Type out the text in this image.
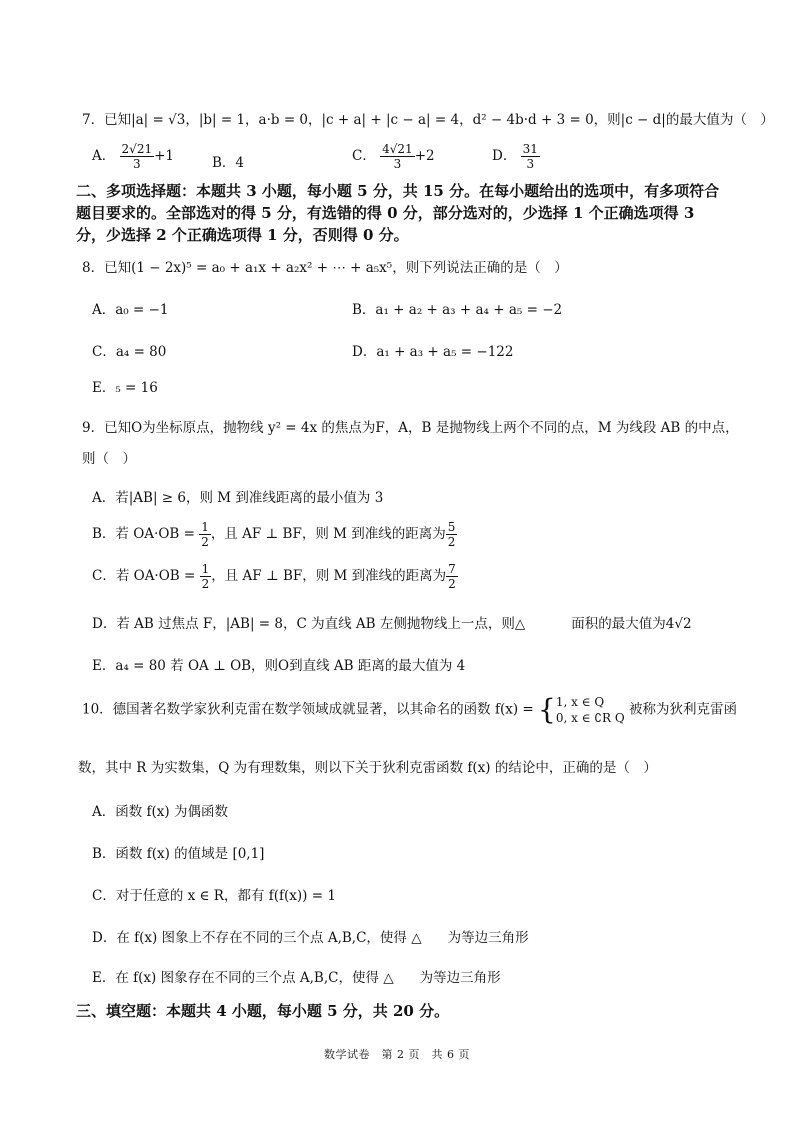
7．已知|a| = √3，|b| = 1，a·b = 0，|c + a| + |c − a| = 4，d² − 4b·d + 3 = 0，则|c − d|的最大值为（　）
A． $\frac{2√21}{3} +1$	B．4	C． $\frac{4√21}{3} +2$	D． $\frac{31}{3}$
二、多项选择题：本题共 3 小题，每小题 5 分，共 15 分。在每小题给出的选项中，有多项符合题目要求的。全部选对的得 5 分，有选错的得 0 分，部分选对的，少选择 1 个正确选项得 3 分，少选择 2 个正确选项得 1 分，否则得 0 分。
8．已知(1 − 2x)⁵ = a₀ + a₁x + a₂x² + ⋯ + a₅x⁵，则下列说法正确的是（　）
A．a₀ = −1	B．a₁ + a₂ + a₃ + a₄ + a₅ = −2
C．a₄ = 80	D．a₁ + a₃ + a₅ = −122
E．₅ = 16
9．已知O为坐标原点，抛物线 y² = 4x 的焦点为F，A，B 是抛物线上两个不同的点，M 为线段 AB 的中点，
则（　）
A．若|AB| ≥ 6，则 M 到准线距离的最小值为 3
B．若 $OA\cdot OB = \frac{1}{2}$ ，且 AF ⊥ BF，则 M 到准线的距离为 $\frac{5}{2}$
C．若 $OA\cdot OB = \frac{1}{2}$ ，且 AF ⊥ BF，则 M 到准线的距离为 $\frac{7}{2}$
D．若 AB 过焦点 F，|AB| = 8，C 为直线 AB 左侧抛物线上一点，则△	面积的最大值为4√2
E．a₄ = 80 若 OA ⊥ OB，则O到直线 AB 距离的最大值为 4
10．德国著名数学家狄利克雷在数学领域成就显著，以其命名的函数 f(x) = { 1, x ∈ Q
0, x ∈ ∁R Q
被称为狄利克雷函
数，其中 R 为实数集，Q 为有理数集，则以下关于狄利克雷函数 f(x) 的结论中，正确的是（　）
A．函数 f(x) 为偶函数
B．函数 f(x) 的值域是 [0,1]
C．对于任意的 x ∈ R，都有 f(f(x)) = 1
D．在 f(x) 图象上不存在不同的三个点 A,B,C，使得 △ 为等边三角形
E．在 f(x) 图象存在不同的三个点 A,B,C，使得 △ 为等边三角形
三、填空题：本题共 4 小题，每小题 5 分，共 20 分。
数学试卷　第 2 页　共 6 页
